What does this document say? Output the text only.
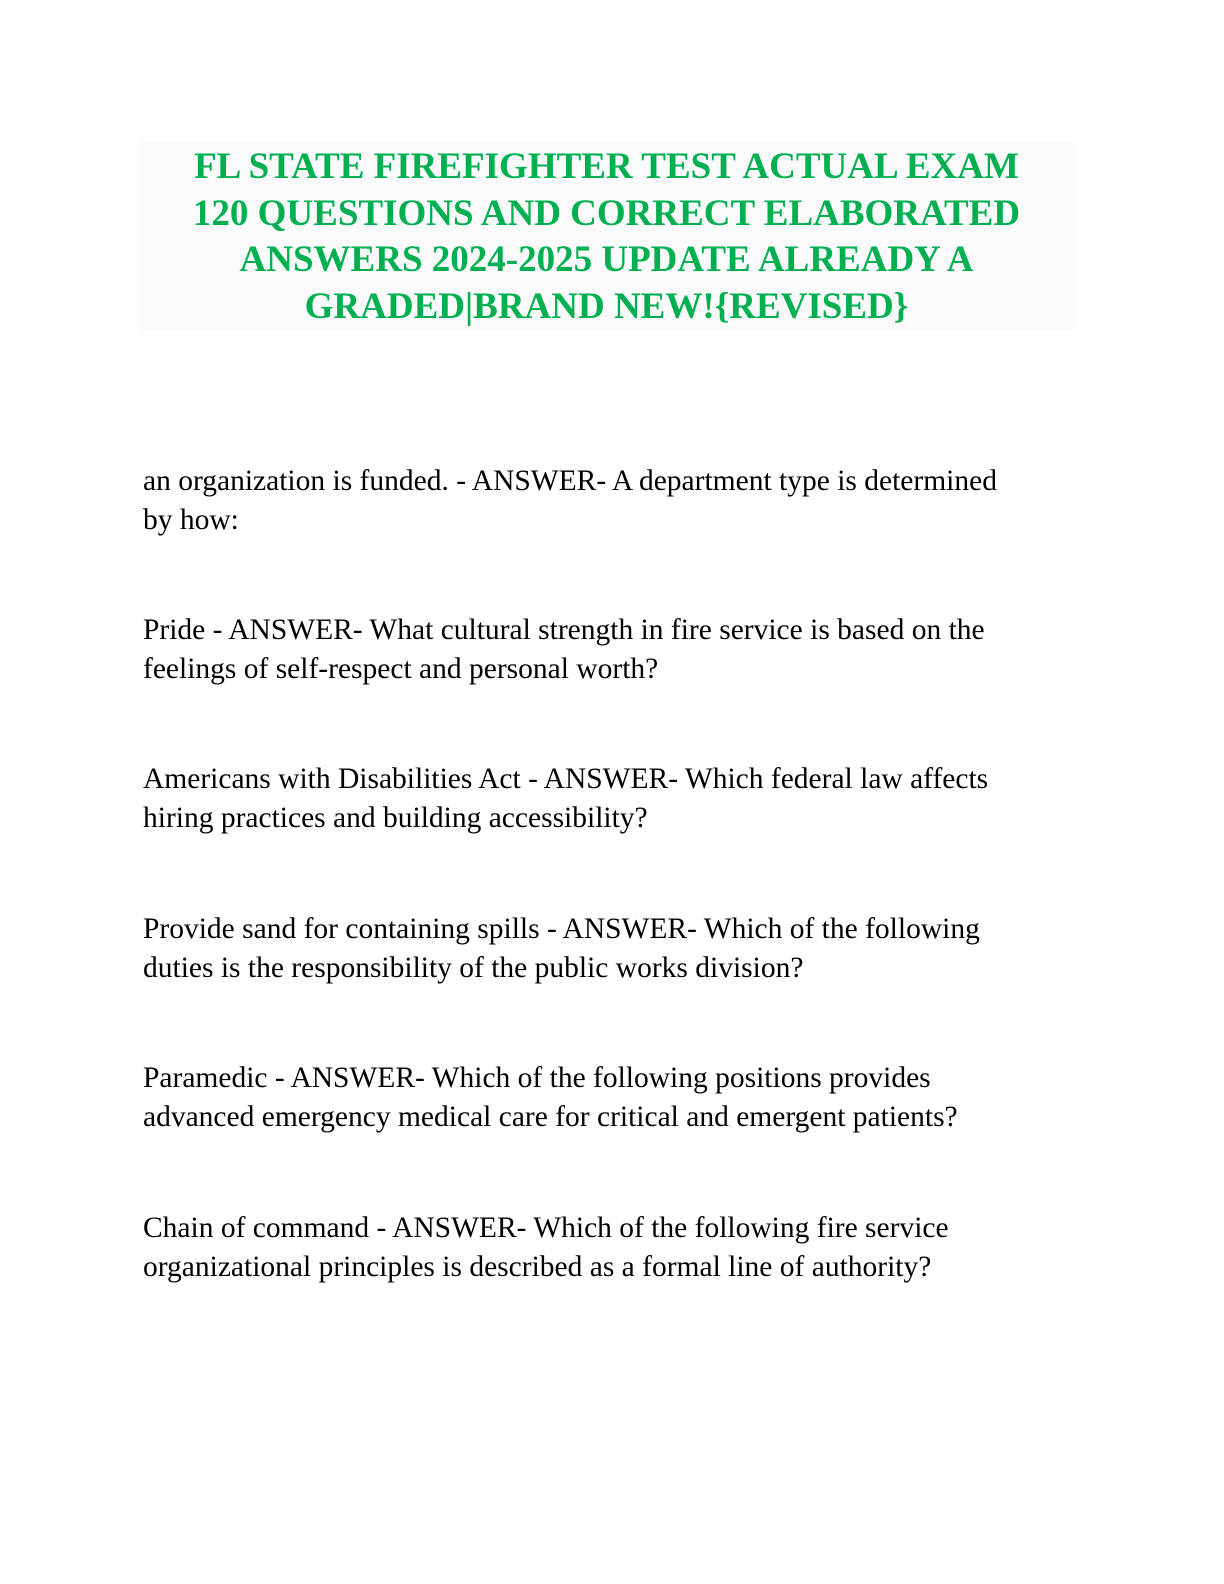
FL STATE FIREFIGHTER TEST ACTUAL EXAM
120 QUESTIONS AND CORRECT ELABORATED
ANSWERS 2024-2025 UPDATE ALREADY A
GRADED|BRAND NEW!{REVISED}
an organization is funded. - ANSWER- A department type is determined
by how:
Pride - ANSWER- What cultural strength in fire service is based on the
feelings of self-respect and personal worth?
Americans with Disabilities Act - ANSWER- Which federal law affects
hiring practices and building accessibility?
Provide sand for containing spills - ANSWER- Which of the following
duties is the responsibility of the public works division?
Paramedic - ANSWER- Which of the following positions provides
advanced emergency medical care for critical and emergent patients?
Chain of command - ANSWER- Which of the following fire service
organizational principles is described as a formal line of authority?
